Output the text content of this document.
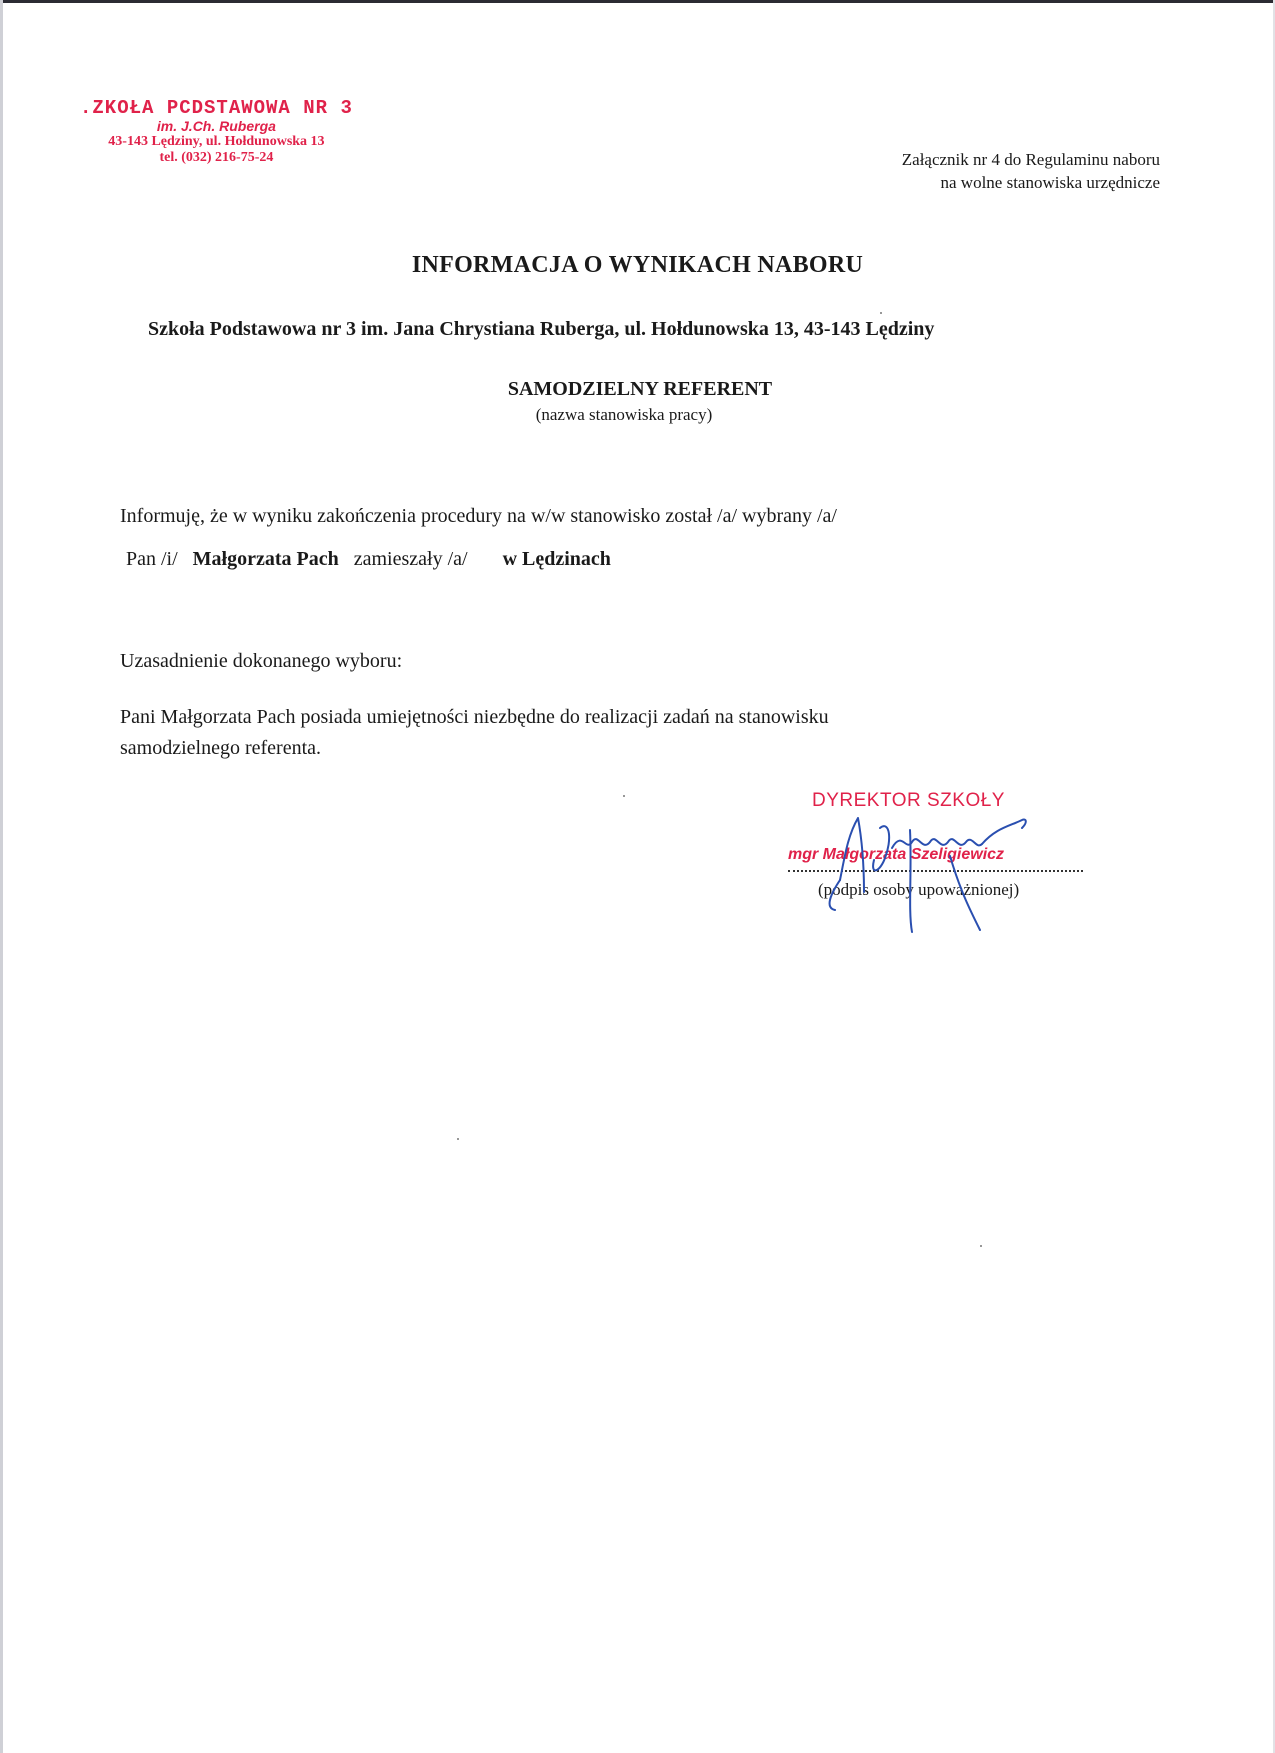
.ZKOŁA PCDSTAWOWA NR 3
im. J.Ch. Ruberga
43-143 Lędziny, ul. Hołdunowska 13
tel. (032) 216-75-24	Załącznik nr 4 do Regulaminu naboru
na wolne stanowiska urzędnicze
INFORMACJA O WYNIKACH NABORU
Szkoła Podstawowa nr 3 im. Jana Chrystiana Ruberga, ul. Hołdunowska 13, 43-143 Lędziny
SAMODZIELNY REFERENT
(nazwa stanowiska pracy)
Informuję, że w wyniku zakończenia procedury na w/w stanowisko został /a/ wybrany /a/
Pan /i/ Małgorzata Pach zamieszały /a/ w Lędzinach
Uzasadnienie dokonanego wyboru:
Pani Małgorzata Pach posiada umiejętności niezbędne do realizacji zadań na stanowisku
samodzielnego referenta.
DYREKTOR SZKOŁY
mgr Małgorzata Szeligiewicz
(podpis osoby upoważnionej)
